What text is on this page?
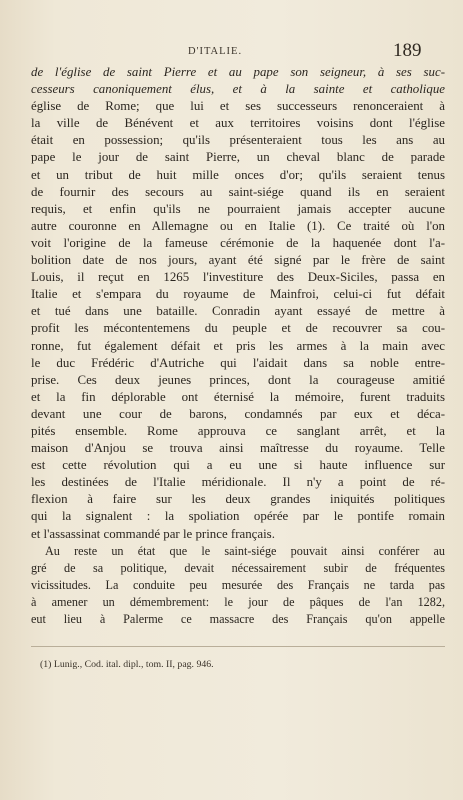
D'ITALIE.	189
de l'église de saint Pierre et au pape son seigneur, à ses suc-
cesseurs canoniquement élus, et à la sainte et catholique
église de Rome; que lui et ses successeurs renonceraient à
la ville de Bénévent et aux territoires voisins dont l'église
était en possession; qu'ils présenteraient tous les ans au
pape le jour de saint Pierre, un cheval blanc de parade
et un tribut de huit mille onces d'or; qu'ils seraient tenus
de fournir des secours au saint-siége quand ils en seraient
requis, et enfin qu'ils ne pourraient jamais accepter aucune
autre couronne en Allemagne ou en Italie (1). Ce traité où l'on
voit l'origine de la fameuse cérémonie de la haquenée dont l'a-
bolition date de nos jours, ayant été signé par le frère de saint
Louis, il reçut en 1265 l'investiture des Deux-Siciles, passa en
Italie et s'empara du royaume de Mainfroi, celui-ci fut défait
et tué dans une bataille. Conradin ayant essayé de mettre à
profit les mécontentemens du peuple et de recouvrer sa cou-
ronne, fut également défait et pris les armes à la main avec
le duc Frédéric d'Autriche qui l'aidait dans sa noble entre-
prise. Ces deux jeunes princes, dont la courageuse amitié
et la fin déplorable ont éternisé la mémoire, furent traduits
devant une cour de barons, condamnés par eux et déca-
pités ensemble. Rome approuva ce sanglant arrêt, et la
maison d'Anjou se trouva ainsi maîtresse du royaume. Telle
est cette révolution qui a eu une si haute influence sur
les destinées de l'Italie méridionale. Il n'y a point de ré-
flexion à faire sur les deux grandes iniquités politiques
qui la signalent : la spoliation opérée par le pontife romain
et l'assassinat commandé par le prince français.
Au reste un état que le saint-siége pouvait ainsi conférer au
gré de sa politique, devait nécessairement subir de fréquentes
vicissitudes. La conduite peu mesurée des Français ne tarda pas
à amener un démembrement: le jour de pâques de l'an 1282,
eut lieu à Palerme ce massacre des Français qu'on appelle
(1) Lunig., Cod. ital. dipl., tom. II, pag. 946.
